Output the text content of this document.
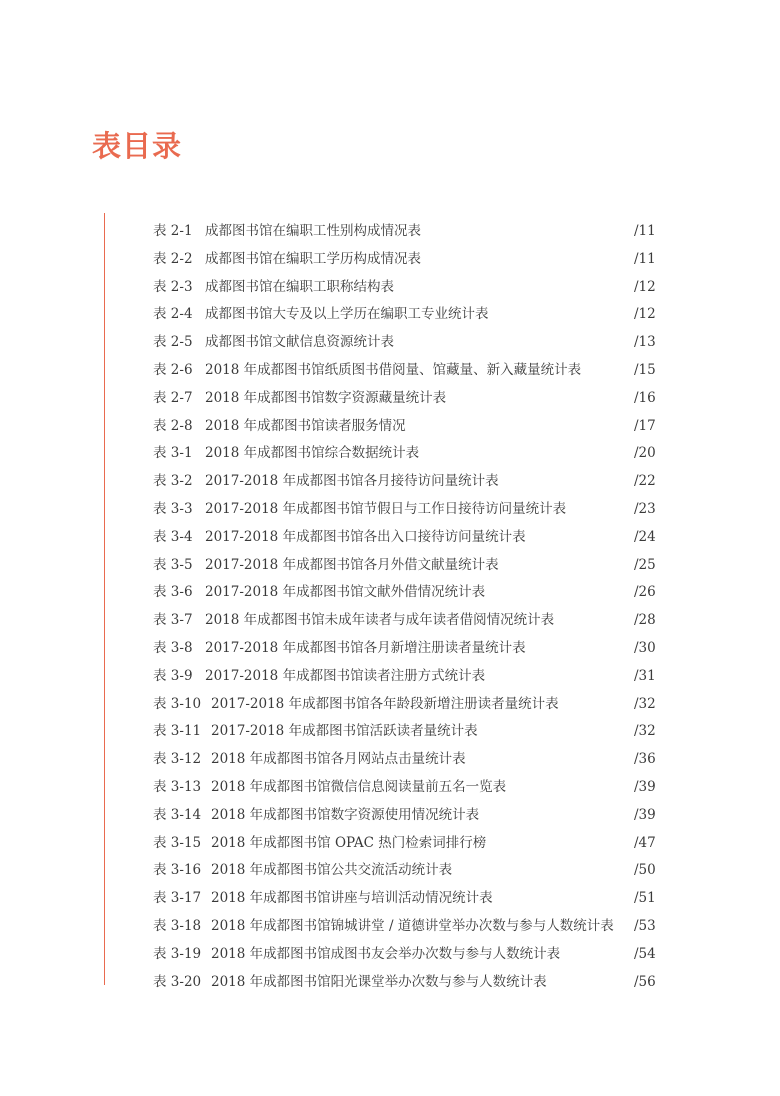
表目录
表 2-1 成都图书馆在编职工性别构成情况表	/11
表 2-2 成都图书馆在编职工学历构成情况表	/11
表 2-3 成都图书馆在编职工职称结构表	/12
表 2-4 成都图书馆大专及以上学历在编职工专业统计表	/12
表 2-5 成都图书馆文献信息资源统计表	/13
表 2-6 2018 年成都图书馆纸质图书借阅量、馆藏量、新入藏量统计表	/15
表 2-7 2018 年成都图书馆数字资源藏量统计表	/16
表 2-8 2018 年成都图书馆读者服务情况	/17
表 3-1 2018 年成都图书馆综合数据统计表	/20
表 3-2 2017-2018 年成都图书馆各月接待访问量统计表	/22
表 3-3 2017-2018 年成都图书馆节假日与工作日接待访问量统计表	/23
表 3-4 2017-2018 年成都图书馆各出入口接待访问量统计表	/24
表 3-5 2017-2018 年成都图书馆各月外借文献量统计表	/25
表 3-6 2017-2018 年成都图书馆文献外借情况统计表	/26
表 3-7 2018 年成都图书馆未成年读者与成年读者借阅情况统计表	/28
表 3-8 2017-2018 年成都图书馆各月新增注册读者量统计表	/30
表 3-9 2017-2018 年成都图书馆读者注册方式统计表	/31
表 3-10 2017-2018 年成都图书馆各年龄段新增注册读者量统计表	/32
表 3-11 2017-2018 年成都图书馆活跃读者量统计表	/32
表 3-12 2018 年成都图书馆各月网站点击量统计表	/36
表 3-13 2018 年成都图书馆微信信息阅读量前五名一览表	/39
表 3-14 2018 年成都图书馆数字资源使用情况统计表	/39
表 3-15 2018 年成都图书馆 OPAC 热门检索词排行榜	/47
表 3-16 2018 年成都图书馆公共交流活动统计表	/50
表 3-17 2018 年成都图书馆讲座与培训活动情况统计表	/51
表 3-18 2018 年成都图书馆锦城讲堂 / 道德讲堂举办次数与参与人数统计表 /53
表 3-19 2018 年成都图书馆成图书友会举办次数与参与人数统计表	/54
表 3-20 2018 年成都图书馆阳光课堂举办次数与参与人数统计表	/56
